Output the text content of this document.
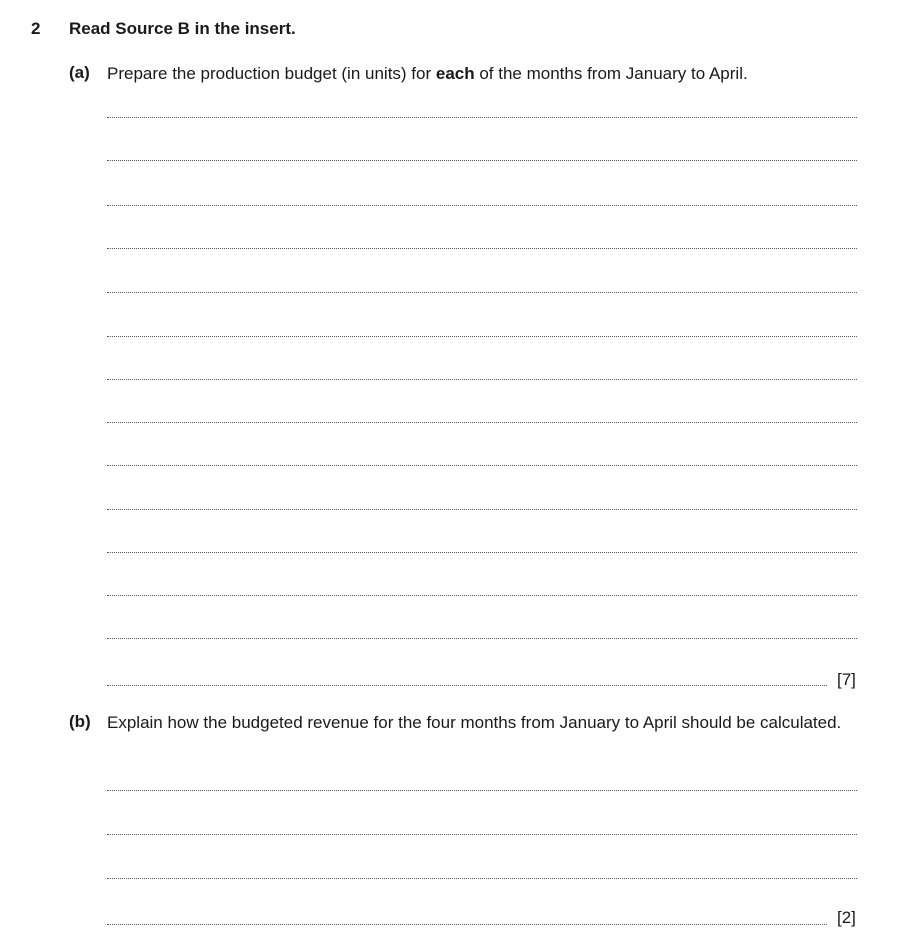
2 Read Source B in the insert.
(a) Prepare the production budget (in units) for each of the months from January to April.
[7]
(b) Explain how the budgeted revenue for the four months from January to April should be calculated.
[2]
